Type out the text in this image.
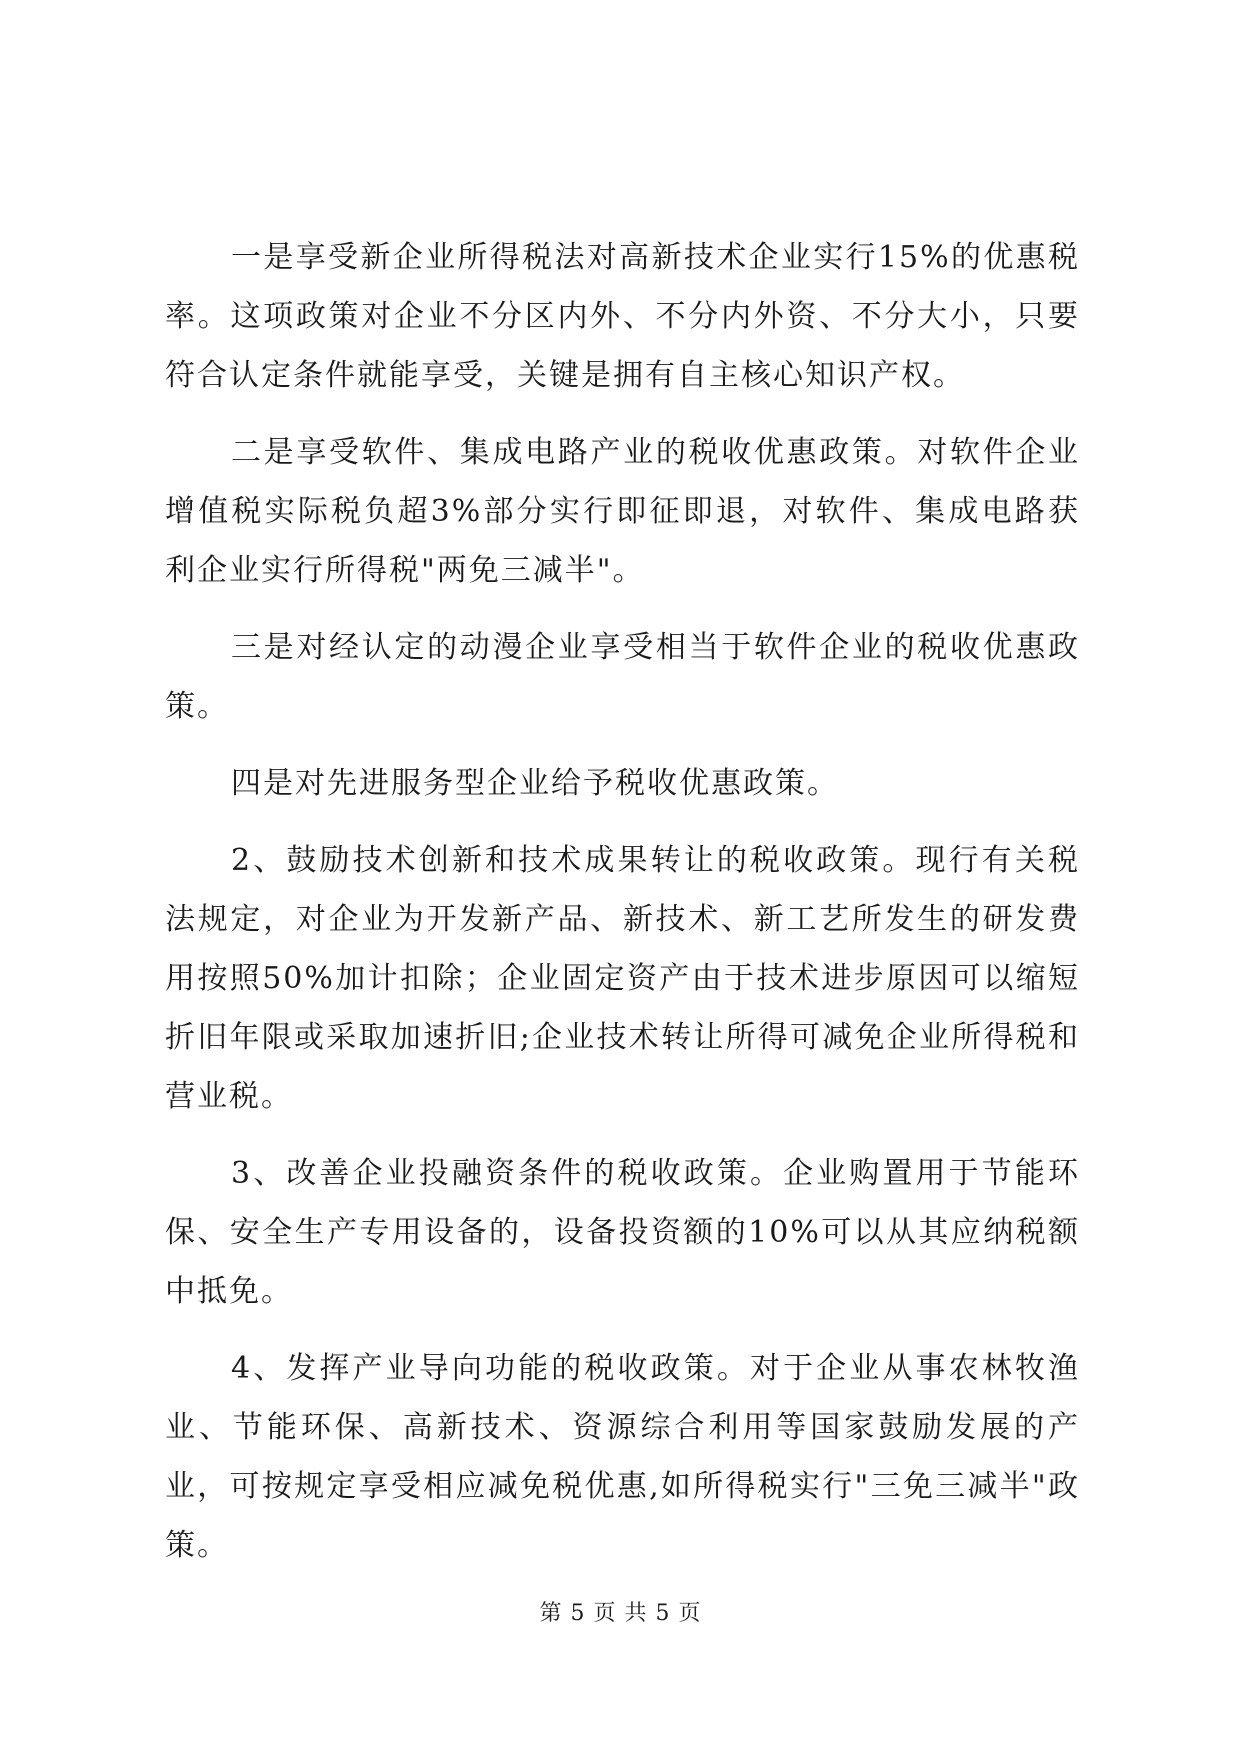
一是享受新企业所得税法对高新技术企业实行15%的优惠税率。这项政策对企业不分区内外、不分内外资、不分大小，只要符合认定条件就能享受，关键是拥有自主核心知识产权。

二是享受软件、集成电路产业的税收优惠政策。对软件企业增值税实际税负超3%部分实行即征即退，对软件、集成电路获利企业实行所得税"两免三减半"。

三是对经认定的动漫企业享受相当于软件企业的税收优惠政策。

四是对先进服务型企业给予税收优惠政策。

2、鼓励技术创新和技术成果转让的税收政策。现行有关税法规定，对企业为开发新产品、新技术、新工艺所发生的研发费用按照50%加计扣除；企业固定资产由于技术进步原因可以缩短折旧年限或采取加速折旧;企业技术转让所得可减免企业所得税和营业税。

3、改善企业投融资条件的税收政策。企业购置用于节能环保、安全生产专用设备的，设备投资额的10%可以从其应纳税额中抵免。

4、发挥产业导向功能的税收政策。对于企业从事农林牧渔业、节能环保、高新技术、资源综合利用等国家鼓励发展的产业，可按规定享受相应减免税优惠,如所得税实行"三免三减半"政策。

第 5 页 共 5 页
